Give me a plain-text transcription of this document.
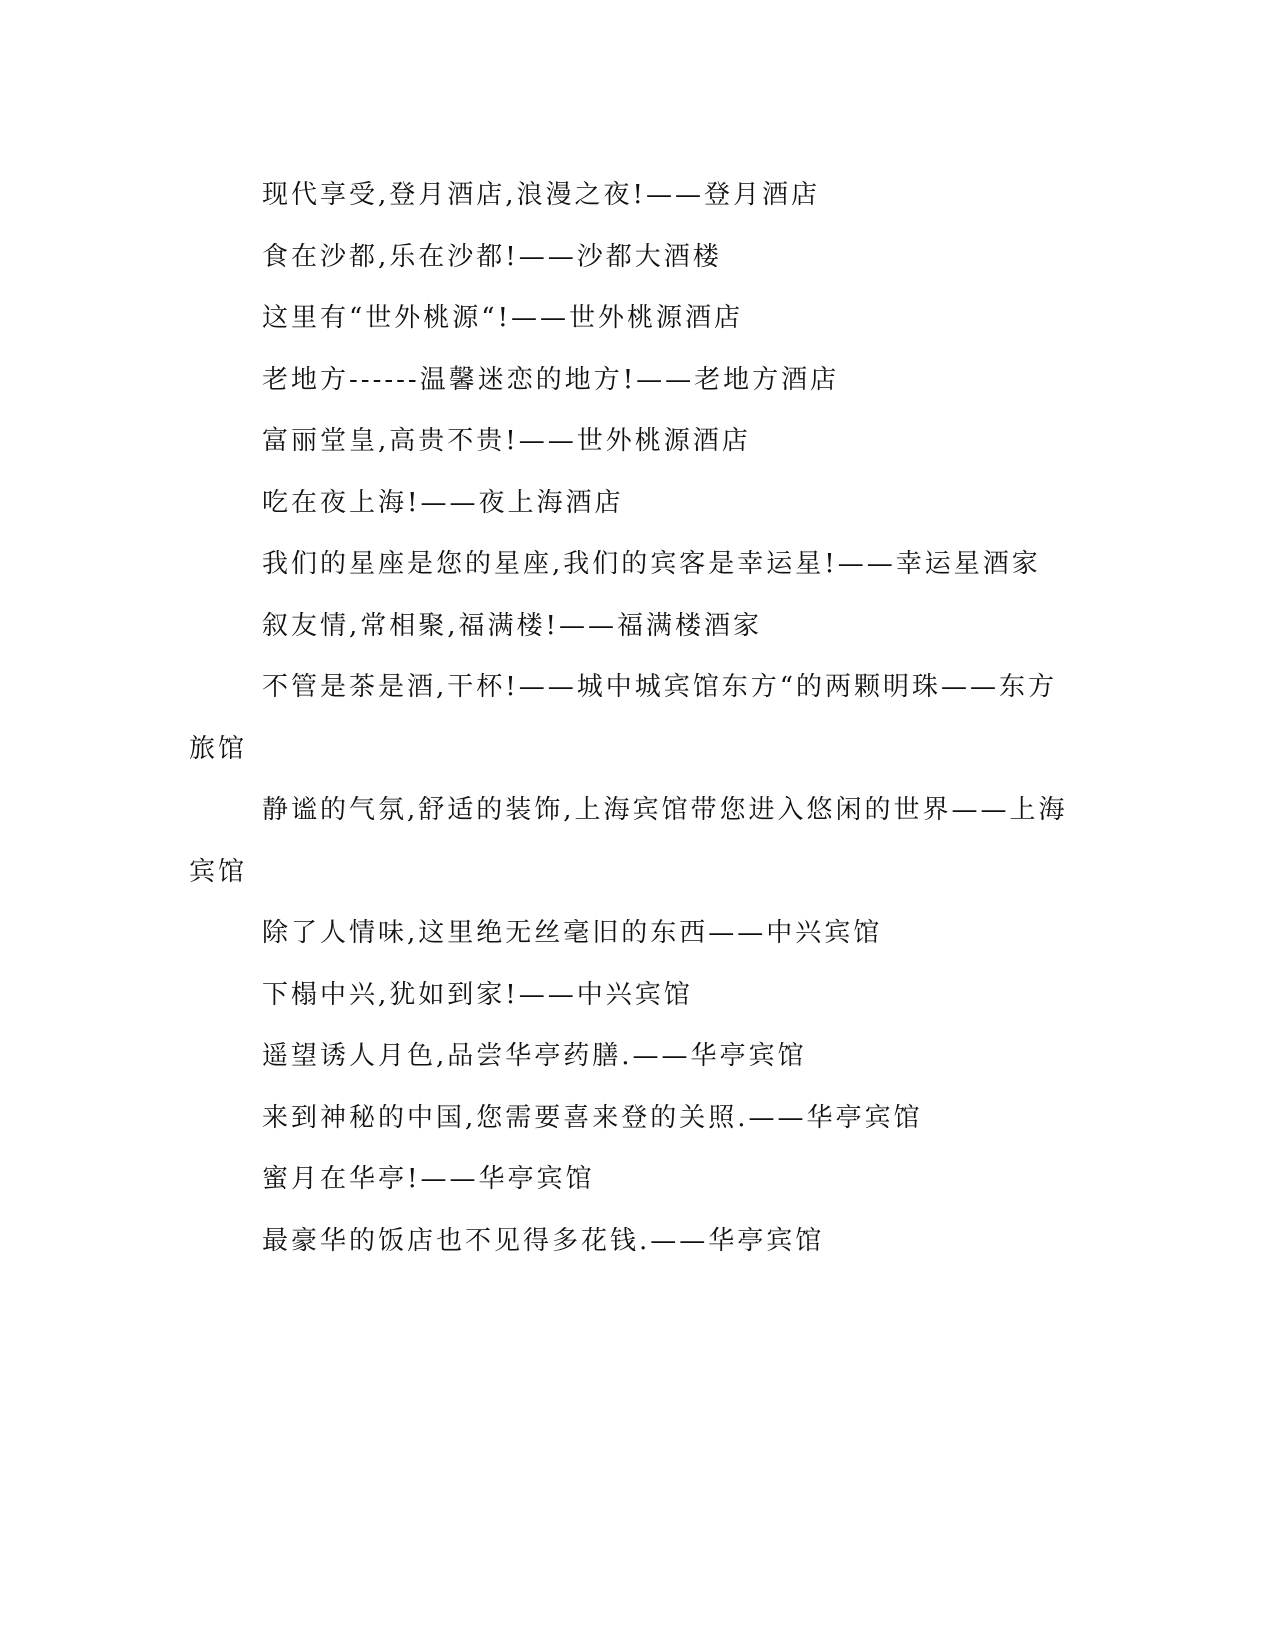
现代享受,登月酒店,浪漫之夜!——登月酒店

食在沙都,乐在沙都!——沙都大酒楼

这里有“世外桃源“!——世外桃源酒店

老地方------温馨迷恋的地方!——老地方酒店

富丽堂皇,高贵不贵!——世外桃源酒店

吃在夜上海!——夜上海酒店

我们的星座是您的星座,我们的宾客是幸运星!——幸运星酒家

叙友情,常相聚,福满楼!——福满楼酒家

不管是茶是酒,干杯!——城中城宾馆东方“的两颗明珠——东方旅馆

静谧的气氛,舒适的装饰,上海宾馆带您进入悠闲的世界——上海宾馆

除了人情味,这里绝无丝毫旧的东西——中兴宾馆

下榻中兴,犹如到家!——中兴宾馆

遥望诱人月色,品尝华亭药膳.——华亭宾馆

来到神秘的中国,您需要喜来登的关照.——华亭宾馆

蜜月在华亭!——华亭宾馆

最豪华的饭店也不见得多花钱.——华亭宾馆
